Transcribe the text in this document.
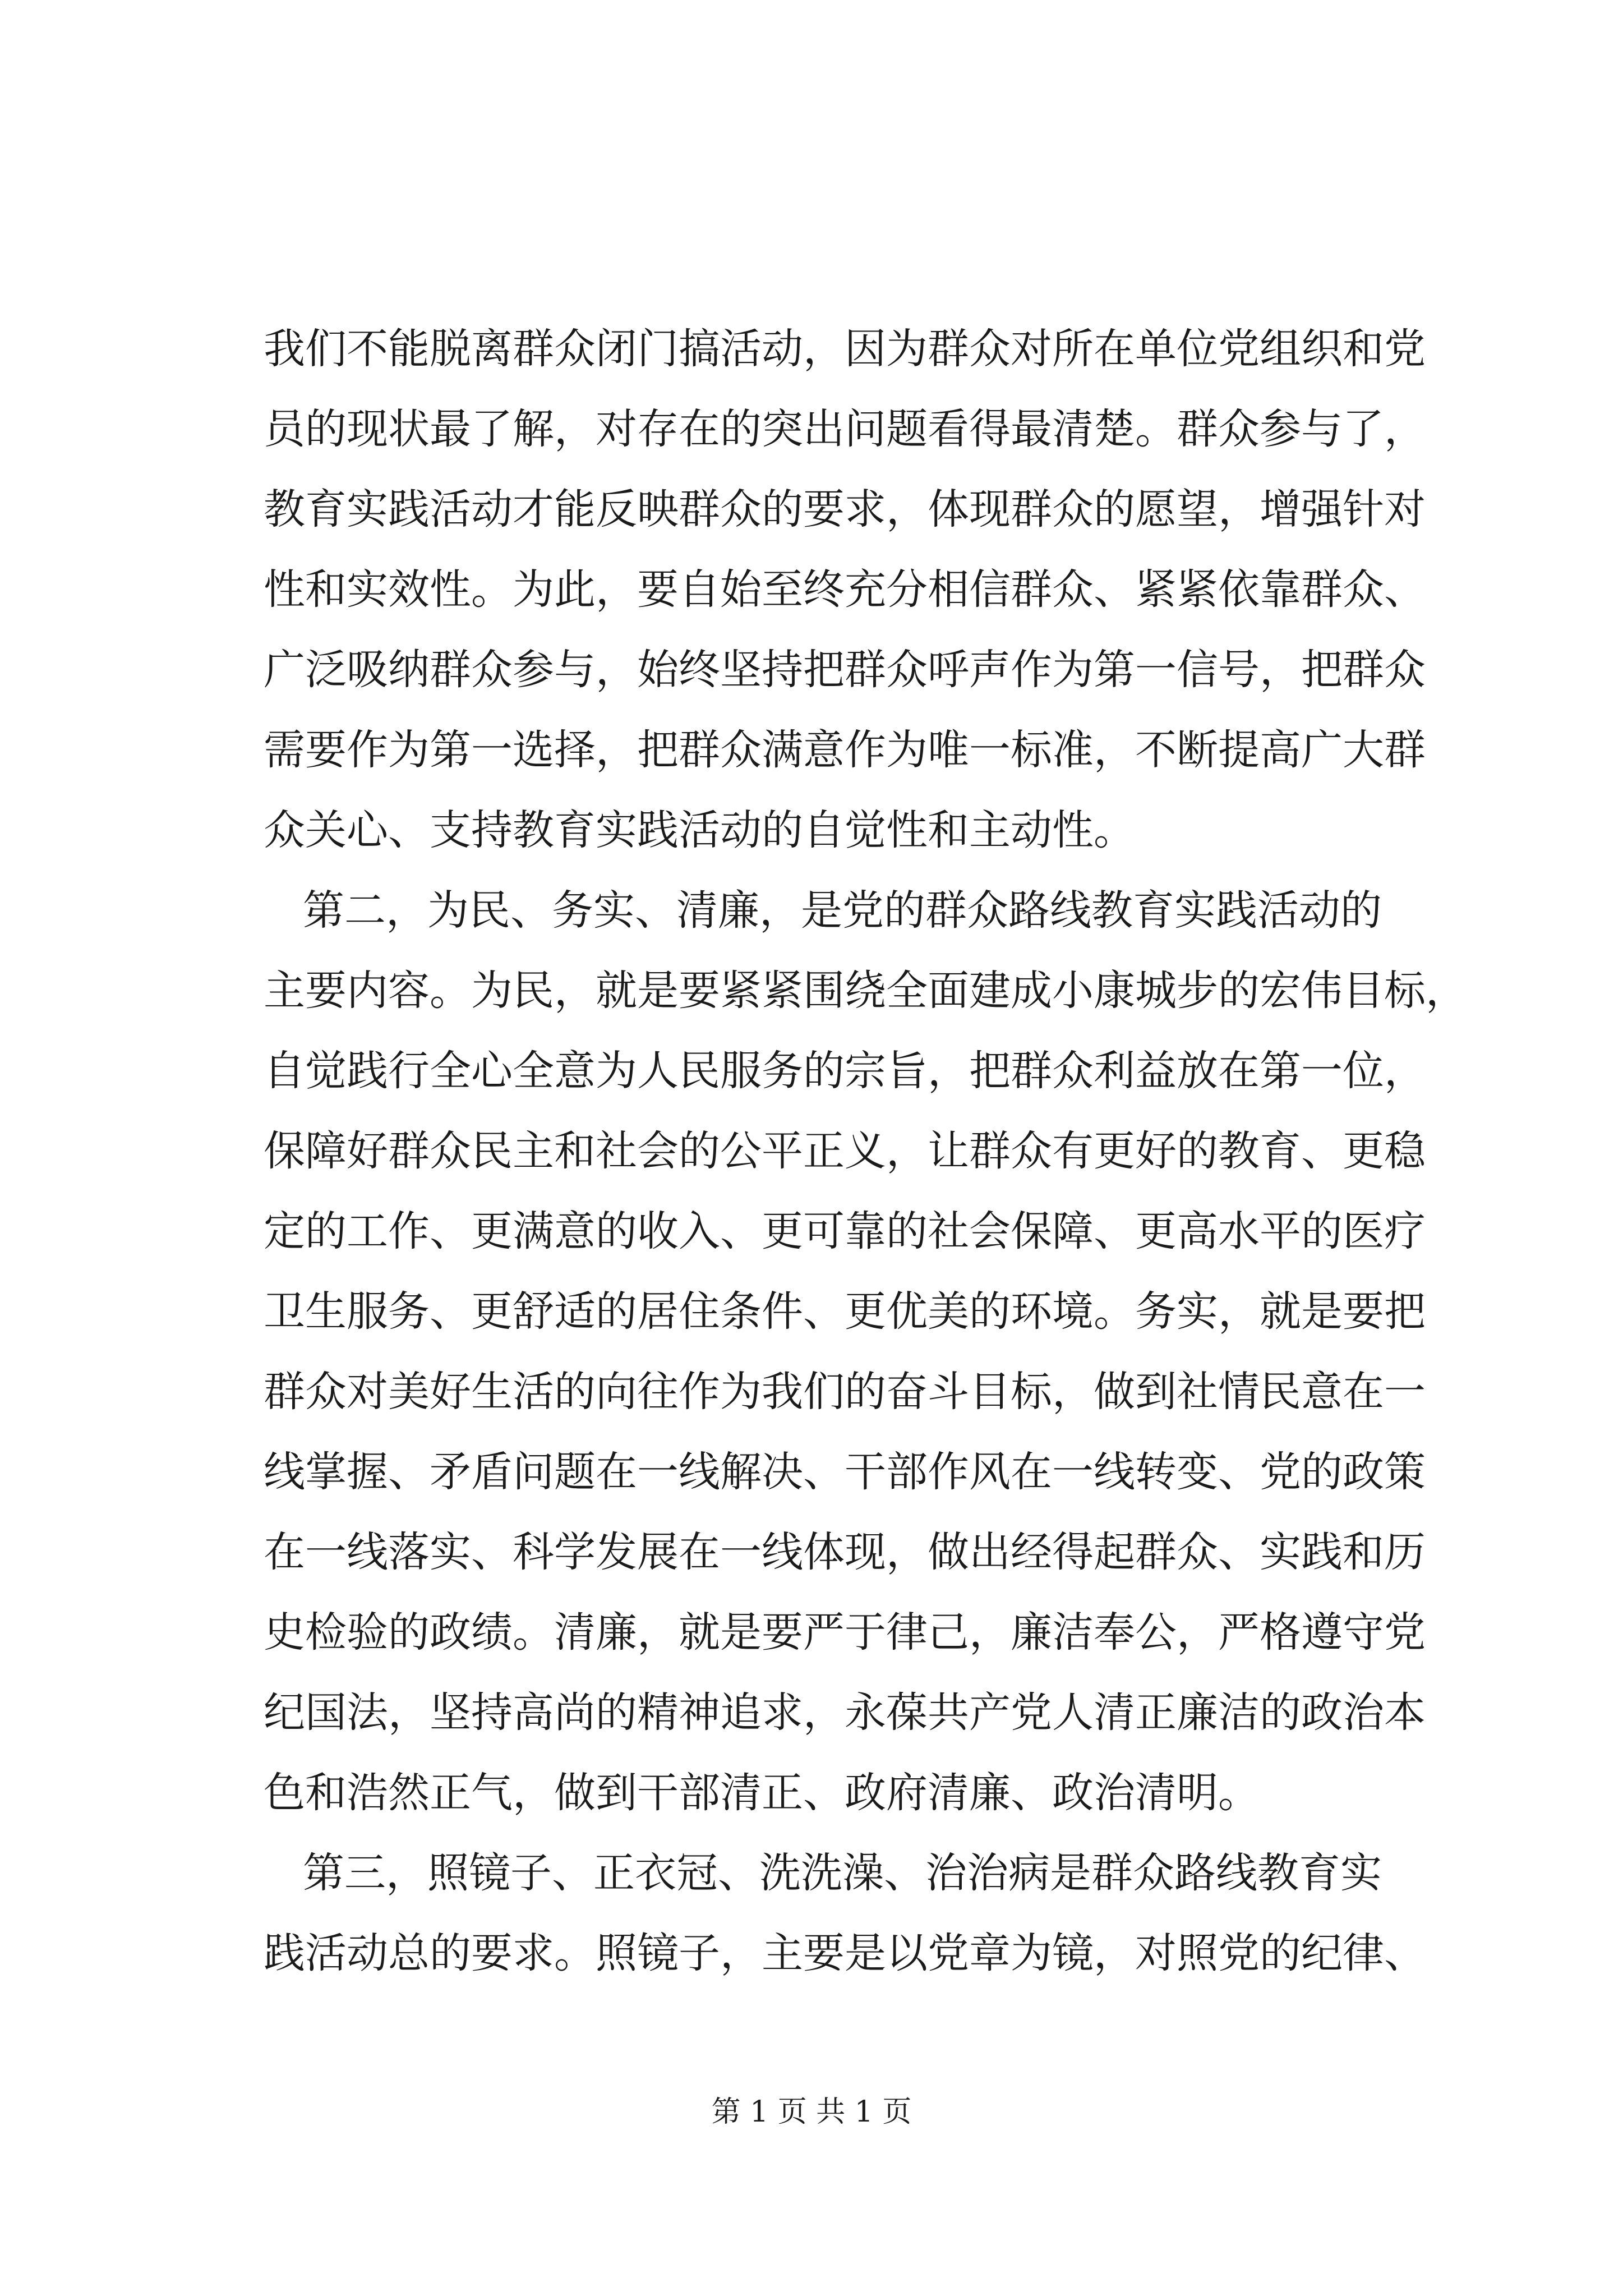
我们不能脱离群众闭门搞活动，因为群众对所在单位党组织和党
员的现状最了解，对存在的突出问题看得最清楚。群众参与了，
教育实践活动才能反映群众的要求，体现群众的愿望，增强针对
性和实效性。为此，要自始至终充分相信群众、紧紧依靠群众、
广泛吸纳群众参与，始终坚持把群众呼声作为第一信号，把群众
需要作为第一选择，把群众满意作为唯一标准，不断提高广大群
众关心、支持教育实践活动的自觉性和主动性。
第二，为民、务实、清廉，是党的群众路线教育实践活动的
主要内容。为民，就是要紧紧围绕全面建成小康城步的宏伟目标，
自觉践行全心全意为人民服务的宗旨，把群众利益放在第一位，
保障好群众民主和社会的公平正义，让群众有更好的教育、更稳
定的工作、更满意的收入、更可靠的社会保障、更高水平的医疗
卫生服务、更舒适的居住条件、更优美的环境。务实，就是要把
群众对美好生活的向往作为我们的奋斗目标，做到社情民意在一
线掌握、矛盾问题在一线解决、干部作风在一线转变、党的政策
在一线落实、科学发展在一线体现，做出经得起群众、实践和历
史检验的政绩。清廉，就是要严于律己，廉洁奉公，严格遵守党
纪国法，坚持高尚的精神追求，永葆共产党人清正廉洁的政治本
色和浩然正气，做到干部清正、政府清廉、政治清明。
第三，照镜子、正衣冠、洗洗澡、治治病是群众路线教育实
践活动总的要求。照镜子，主要是以党章为镜，对照党的纪律、
第 1 页 共 1 页
